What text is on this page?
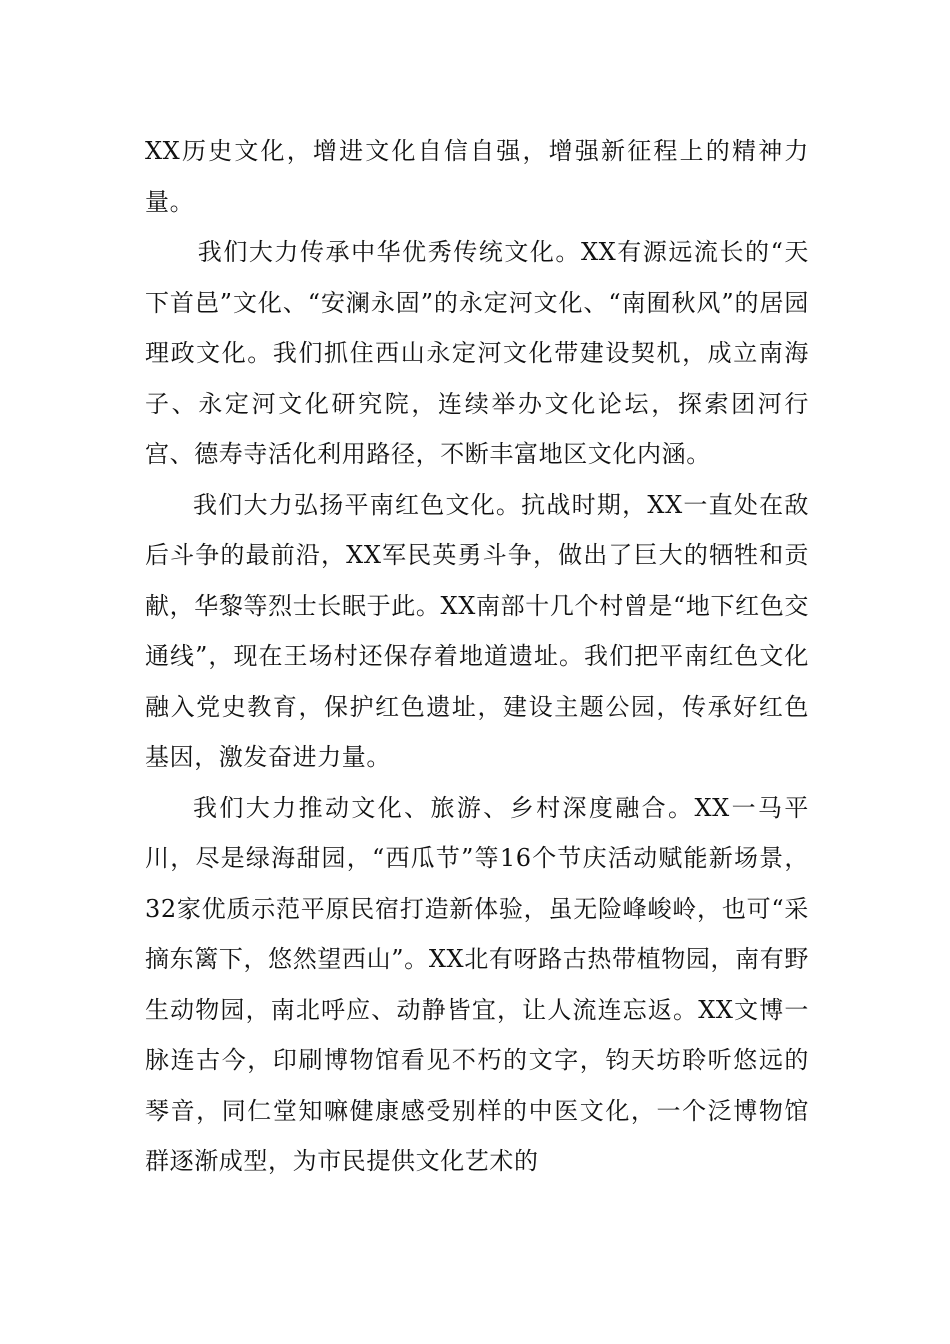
XX历史文化，增进文化自信自强，增强新征程上的精神力量。

我们大力传承中华优秀传统文化。XX有源远流长的“天下首邑”文化、“安澜永固”的永定河文化、“南囿秋风”的居园理政文化。我们抓住西山永定河文化带建设契机，成立南海子、永定河文化研究院，连续举办文化论坛，探索团河行宫、德寿寺活化利用路径，不断丰富地区文化内涵。

我们大力弘扬平南红色文化。抗战时期，XX一直处在敌后斗争的最前沿，XX军民英勇斗争，做出了巨大的牺牲和贡献，华黎等烈士长眠于此。XX南部十几个村曾是“地下红色交通线”，现在王场村还保存着地道遗址。我们把平南红色文化融入党史教育，保护红色遗址，建设主题公园，传承好红色基因，激发奋进力量。

我们大力推动文化、旅游、乡村深度融合。XX一马平川，尽是绿海甜园，“西瓜节”等16个节庆活动赋能新场景，32家优质示范平原民宿打造新体验，虽无险峰峻岭，也可“采摘东篱下，悠然望西山”。XX北有呀路古热带植物园，南有野生动物园，南北呼应、动静皆宜，让人流连忘返。XX文博一脉连古今，印刷博物馆看见不朽的文字，钧天坊聆听悠远的琴音，同仁堂知嘛健康感受别样的中医文化，一个泛博物馆群逐渐成型，为市民提供文化艺术的
